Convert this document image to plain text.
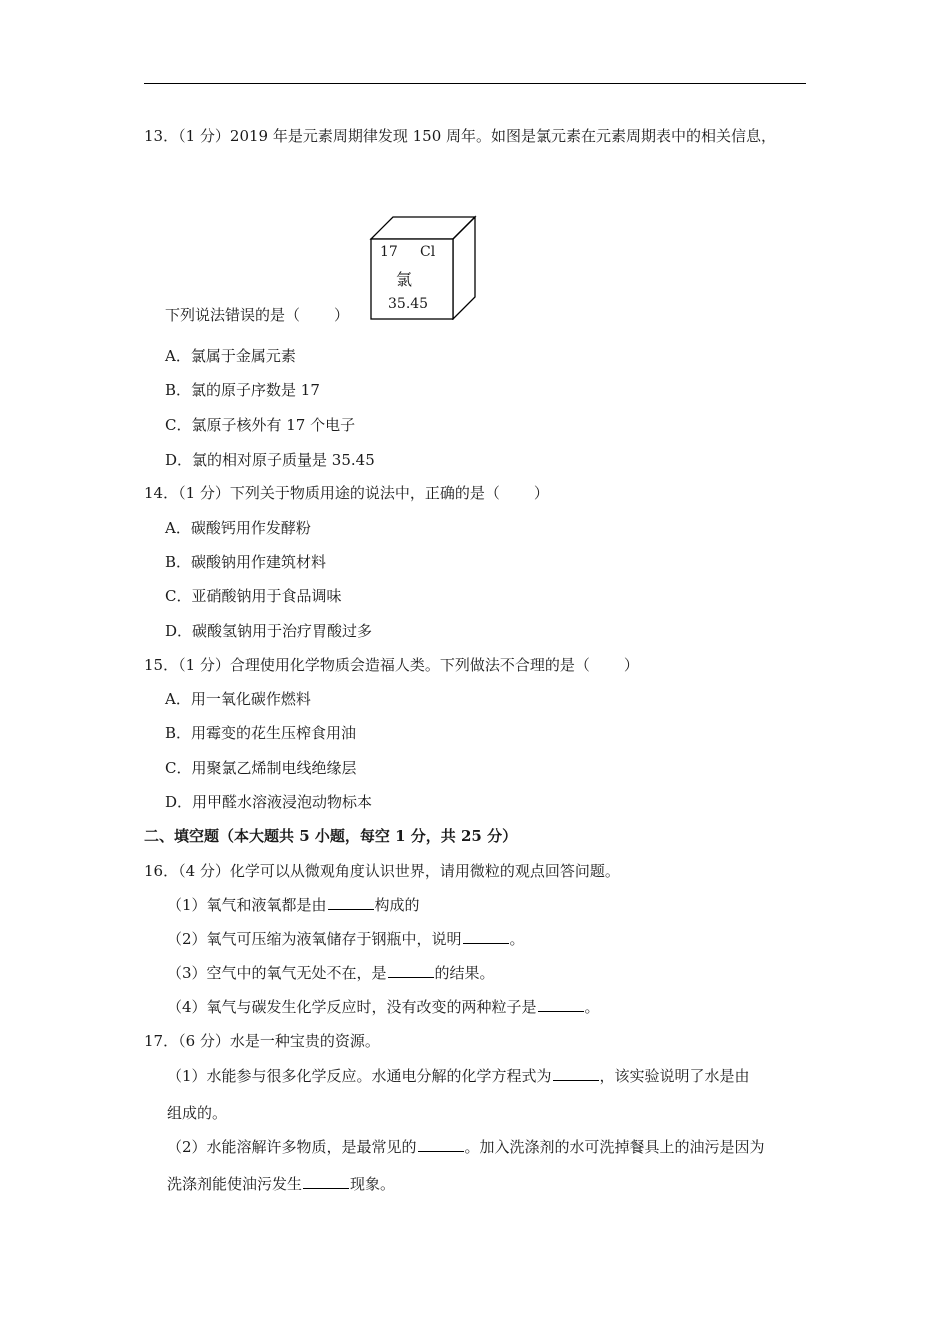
13．（1 分）2019 年是元素周期律发现 150 周年。如图是氯元素在元素周期表中的相关信息，
17 Cl
氯
35.45
下列说法错误的是（ ）
A．氯属于金属元素
B．氯的原子序数是 17
C．氯原子核外有 17 个电子
D．氯的相对原子质量是 35.45
14．（1 分）下列关于物质用途的说法中，正确的是（ ）
A．碳酸钙用作发酵粉
B．碳酸钠用作建筑材料
C．亚硝酸钠用于食品调味
D．碳酸氢钠用于治疗胃酸过多
15．（1 分）合理使用化学物质会造福人类。下列做法不合理的是（ ）
A．用一氧化碳作燃料
B．用霉变的花生压榨食用油
C．用聚氯乙烯制电线绝缘层
D．用甲醛水溶液浸泡动物标本
二、填空题（本大题共 5 小题，每空 1 分，共 25 分）
16．（4 分）化学可以从微观角度认识世界，请用微粒的观点回答问题。
（1）氧气和液氧都是由	构成的
（2）氧气可压缩为液氧储存于钢瓶中，说明	。
（3）空气中的氧气无处不在，是	的结果。
（4）氧气与碳发生化学反应时，没有改变的两种粒子是	。
17．（6 分）水是一种宝贵的资源。
（1）水能参与很多化学反应。水通电分解的化学方程式为	，该实验说明了水是由
组成的。
（2）水能溶解许多物质，是最常见的	。加入洗涤剂的水可洗掉餐具上的油污是因为
洗涤剂能使油污发生	现象。
